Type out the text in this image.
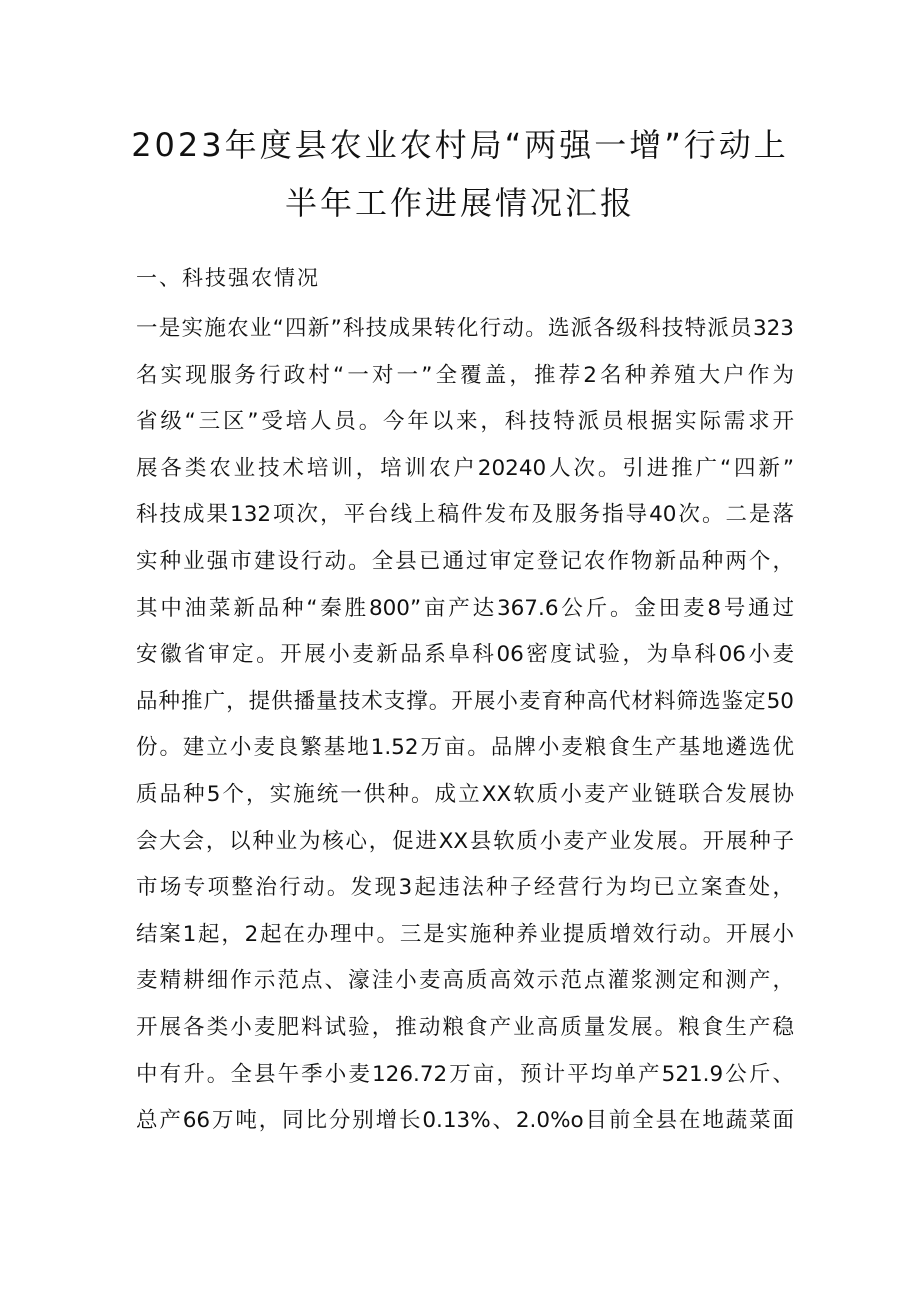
2023年度县农业农村局“两强一增”行动上
半年工作进展情况汇报

一、科技强农情况

一是实施农业“四新”科技成果转化行动。选派各级科技特派员323
名实现服务行政村“一对一”全覆盖，推荐2名种养殖大户作为
省级“三区”受培人员。今年以来，科技特派员根据实际需求开
展各类农业技术培训，培训农户20240人次。引进推广“四新”
科技成果132项次，平台线上稿件发布及服务指导40次。二是落
实种业强市建设行动。全县已通过审定登记农作物新品种两个，
其中油菜新品种“秦胜800”亩产达367.6公斤。金田麦8号通过
安徽省审定。开展小麦新品系阜科06密度试验，为阜科06小麦
品种推广，提供播量技术支撑。开展小麦育种高代材料筛选鉴定50
份。建立小麦良繁基地1.52万亩。品牌小麦粮食生产基地遴选优
质品种5个，实施统一供种。成立XX软质小麦产业链联合发展协
会大会，以种业为核心，促进XX县软质小麦产业发展。开展种子
市场专项整治行动。发现3起违法种子经营行为均已立案查处，
结案1起，2起在办理中。三是实施种养业提质增效行动。开展小
麦精耕细作示范点、濠洼小麦高质高效示范点灌浆测定和测产，
开展各类小麦肥料试验，推动粮食产业高质量发展。粮食生产稳
中有升。全县午季小麦126.72万亩，预计平均单产521.9公斤、
总产66万吨，同比分别增长0.13%、2.0%o目前全县在地蔬菜面
